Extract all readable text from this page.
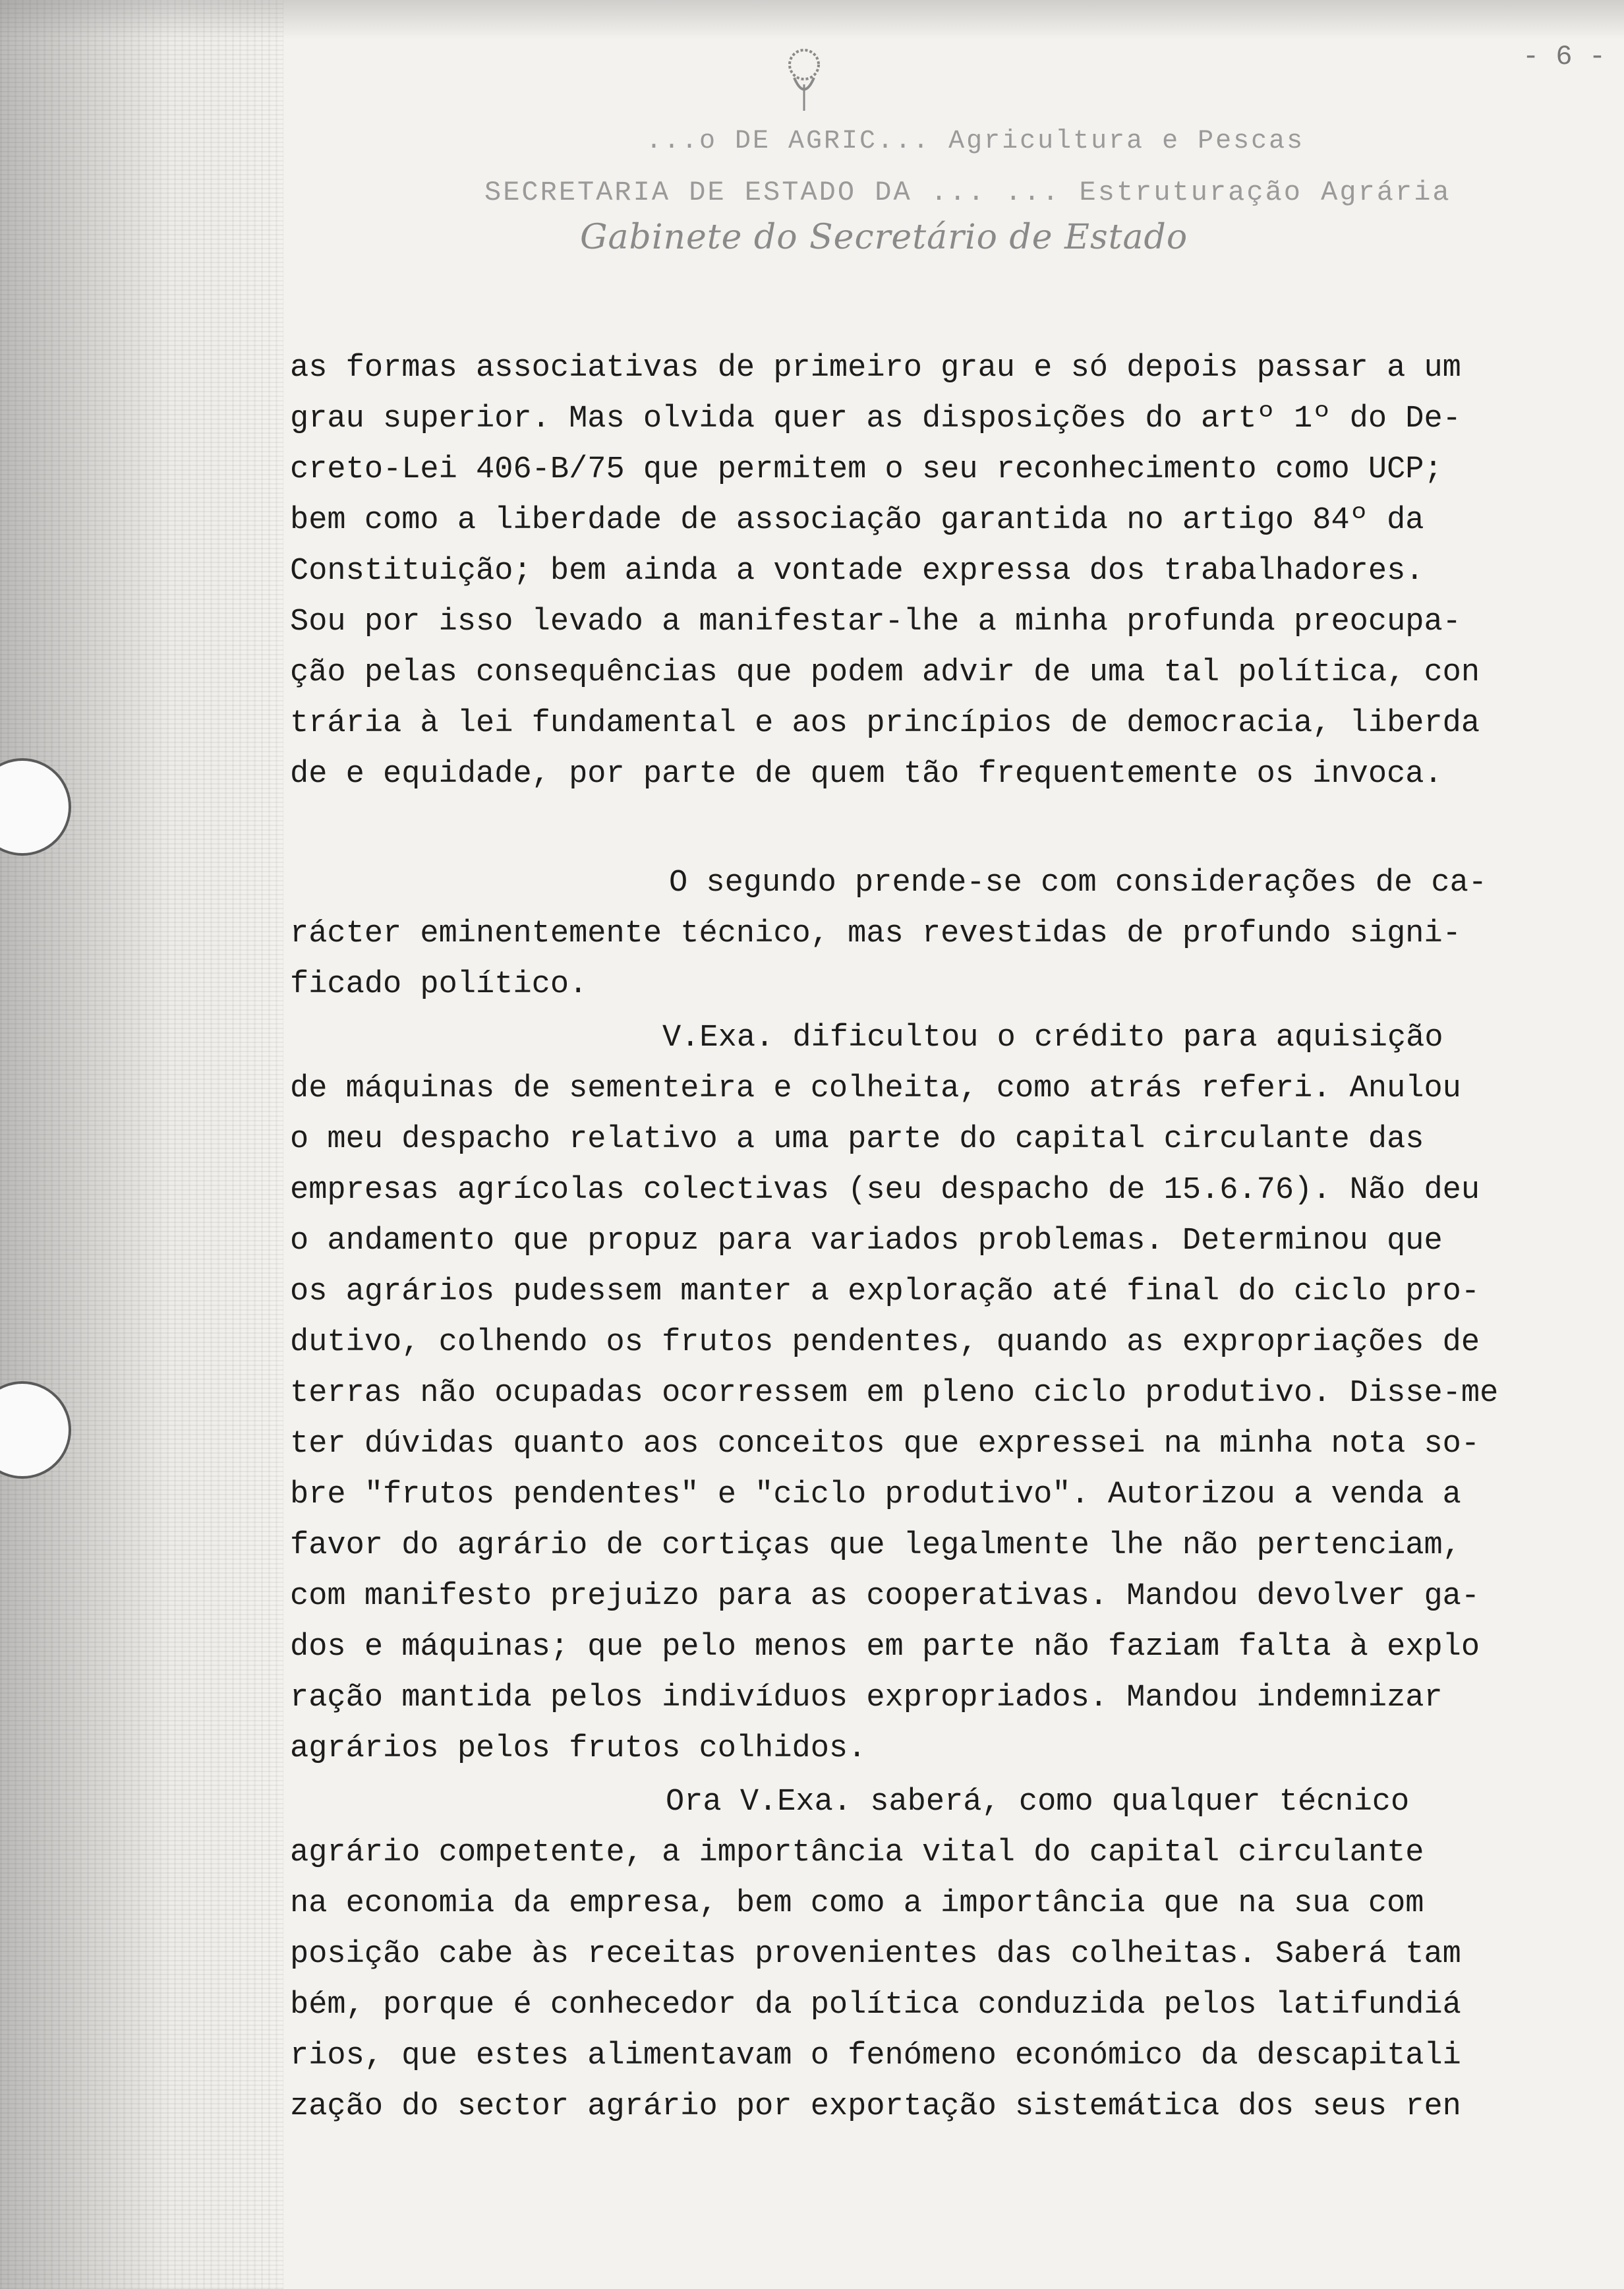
- 6 -
...o DE AGRIC... Agricultura e Pescas
SECRETARIA DE ESTADO DA ... ... Estruturação Agrária
Gabinete do Secretário de Estado
as formas associativas de primeiro grau e só depois passar a um
grau superior. Mas olvida quer as disposições do artº 1º do De-
creto-Lei 406-B/75 que permitem o seu reconhecimento como UCP;
bem como a liberdade de associação garantida no artigo 84º da
Constituição; bem ainda a vontade expressa dos trabalhadores.
Sou por isso levado a manifestar-lhe a minha profunda preocupa-
ção pelas consequências que podem advir de uma tal política, con
trária à lei fundamental e aos princípios de democracia, liberda
de e equidade, por parte de quem tão frequentemente os invoca.
O segundo prende-se com considerações de ca-
rácter eminentemente técnico, mas revestidas de profundo signi-
ficado político.
V.Exa. dificultou o crédito para aquisição
de máquinas de sementeira e colheita, como atrás referi. Anulou
o meu despacho relativo a uma parte do capital circulante das
empresas agrícolas colectivas (seu despacho de 15.6.76). Não deu
o andamento que propuz para variados problemas. Determinou que
os agrários pudessem manter a exploração até final do ciclo pro-
dutivo, colhendo os frutos pendentes, quando as expropriações de
terras não ocupadas ocorressem em pleno ciclo produtivo. Disse-me
ter dúvidas quanto aos conceitos que expressei na minha nota so-
bre "frutos pendentes" e "ciclo produtivo". Autorizou a venda a
favor do agrário de cortiças que legalmente lhe não pertenciam,
com manifesto prejuizo para as cooperativas. Mandou devolver ga-
dos e máquinas; que pelo menos em parte não faziam falta à explo
ração mantida pelos indivíduos expropriados. Mandou indemnizar
agrários pelos frutos colhidos.
Ora V.Exa. saberá, como qualquer técnico
agrário competente, a importância vital do capital circulante
na economia da empresa, bem como a importância que na sua com
posição cabe às receitas provenientes das colheitas. Saberá tam
bém, porque é conhecedor da política conduzida pelos latifundiá
rios, que estes alimentavam o fenómeno económico da descapitali
zação do sector agrário por exportação sistemática dos seus ren
